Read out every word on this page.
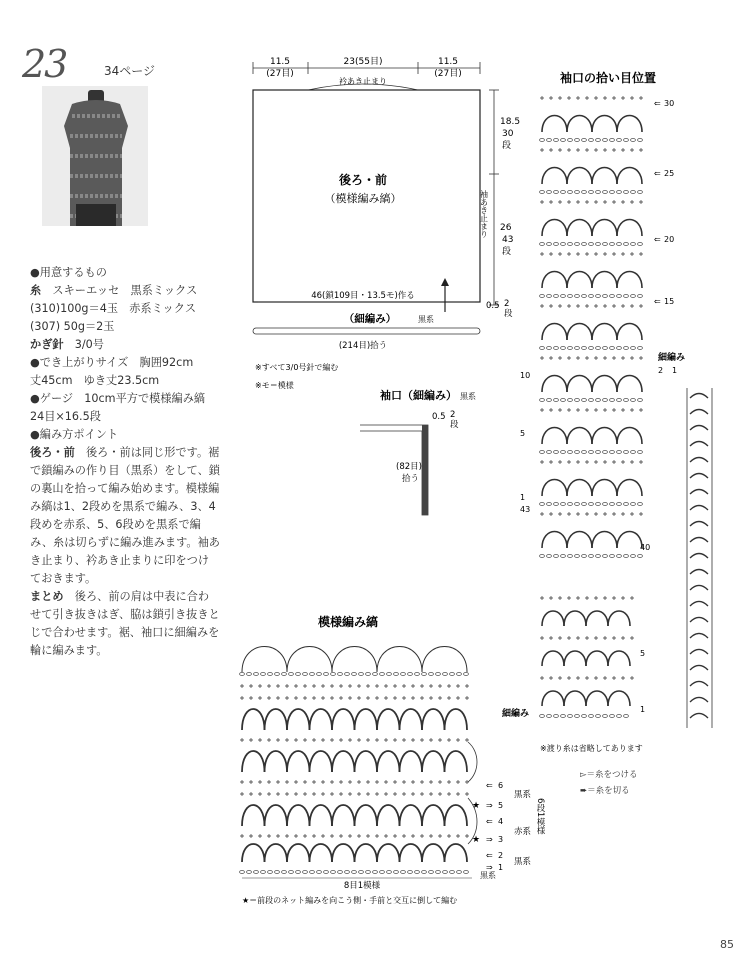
23	34ページ

●用意するもの

糸　 スキーエッセ　黒系ミックス

(310)100g＝4玉　赤系ミックス

(307) 50g＝2玉

かぎ針　 3/0号

●でき上がりサイズ　胸囲92cm

丈45cm　ゆき丈23.5cm

●ゲージ　10cm平方で模様編み縞

24目×16.5段

●編み方ポイント

後ろ・前　 後ろ・前は同じ形です。裾で鎖編みの作り目（黒系）をして、鎖の裏山を拾って編み始めます。模様編み縞は1、2段めを黒系で編み、3、4段めを赤系、5、6段めを黒系で編み、糸は切らずに編み進みます。袖あき止まり、衿あき止まりに印をつけておきます。

まとめ　 後ろ、前の肩は中表に合わせて引き抜きはぎ、脇は鎖引き抜きとじで合わせます。裾、袖口に細編みを輪に編みます。

11.5
(27目)
23(55目)	11.5
(27目)
衿あき止まり
後ろ・前
（模様編み縞）
46(鎖109目・13.5モ)作る
（細編み）	黒系
(214目)拾う
18.5
30
段
袖あき止まり 26
43
段
0.5 2
段
※すべて3/0号針で編む
※モ＝模様
袖口（細編み） 黒系
0.5 2
段
(82目)
拾う
袖口の拾い目位置
⇐ 30
⇐ 25
⇐ 20
⇐ 15
10
5
1
43
40
5
1
細編み
2 1
細編み
※渡り糸は省略してあります
模様編み縞
⇐ 6
★ ⇒ 5
⇐ 4
★ ⇒ 3
⇐ 2
⇒ 1
黒系
赤系
黒系
6段1模様
黒系
8目1模様
★＝前段のネット編みを向こう側・手前と交互に倒して編む
▻＝糸をつける
➨＝糸を切る
85
